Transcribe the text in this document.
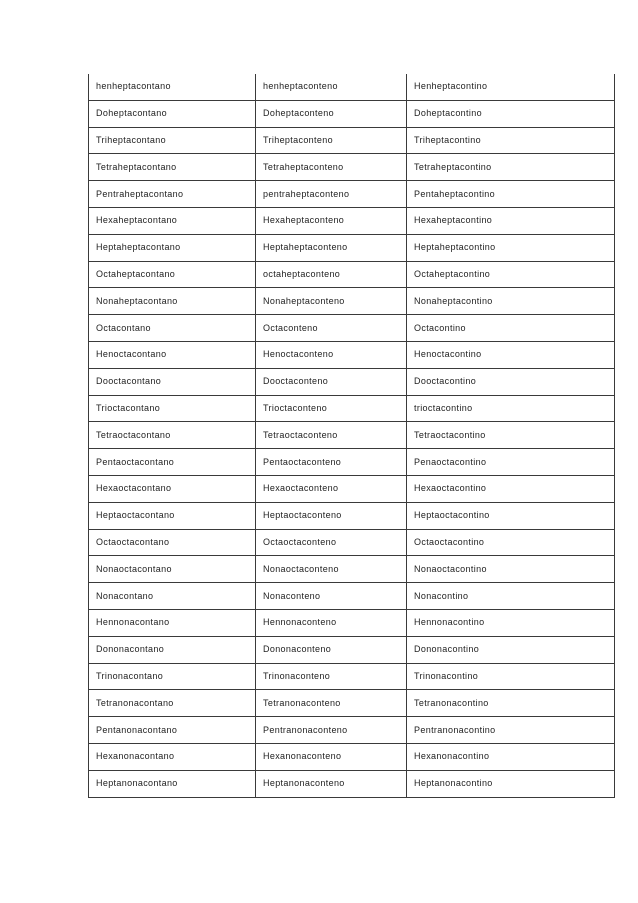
henheptacontano	henheptaconteno	Henheptacontino
Doheptacontano	Doheptaconteno	Doheptacontino
Triheptacontano	Triheptaconteno	Triheptacontino
Tetraheptacontano	Tetraheptaconteno	Tetraheptacontino
Pentraheptacontano	pentraheptaconteno	Pentaheptacontino
Hexaheptacontano	Hexaheptaconteno	Hexaheptacontino
Heptaheptacontano	Heptaheptaconteno	Heptaheptacontino
Octaheptacontano	octaheptaconteno	Octaheptacontino
Nonaheptacontano	Nonaheptaconteno	Nonaheptacontino
Octacontano	Octaconteno	Octacontino
Henoctacontano	Henoctaconteno	Henoctacontino
Dooctacontano	Dooctaconteno	Dooctacontino
Trioctacontano	Trioctaconteno	trioctacontino
Tetraoctacontano	Tetraoctaconteno	Tetraoctacontino
Pentaoctacontano	Pentaoctaconteno	Penaoctacontino
Hexaoctacontano	Hexaoctaconteno	Hexaoctacontino
Heptaoctacontano	Heptaoctaconteno	Heptaoctacontino
Octaoctacontano	Octaoctaconteno	Octaoctacontino
Nonaoctacontano	Nonaoctaconteno	Nonaoctacontino
Nonacontano	Nonaconteno	Nonacontino
Hennonacontano	Hennonaconteno	Hennonacontino
Dononacontano	Dononaconteno	Dononacontino
Trinonacontano	Trinonaconteno	Trinonacontino
Tetranonacontano	Tetranonaconteno	Tetranonacontino
Pentanonacontano	Pentranonaconteno	Pentranonacontino
Hexanonacontano	Hexanonaconteno	Hexanonacontino
Heptanonacontano	Heptanonaconteno	Heptanonacontino
